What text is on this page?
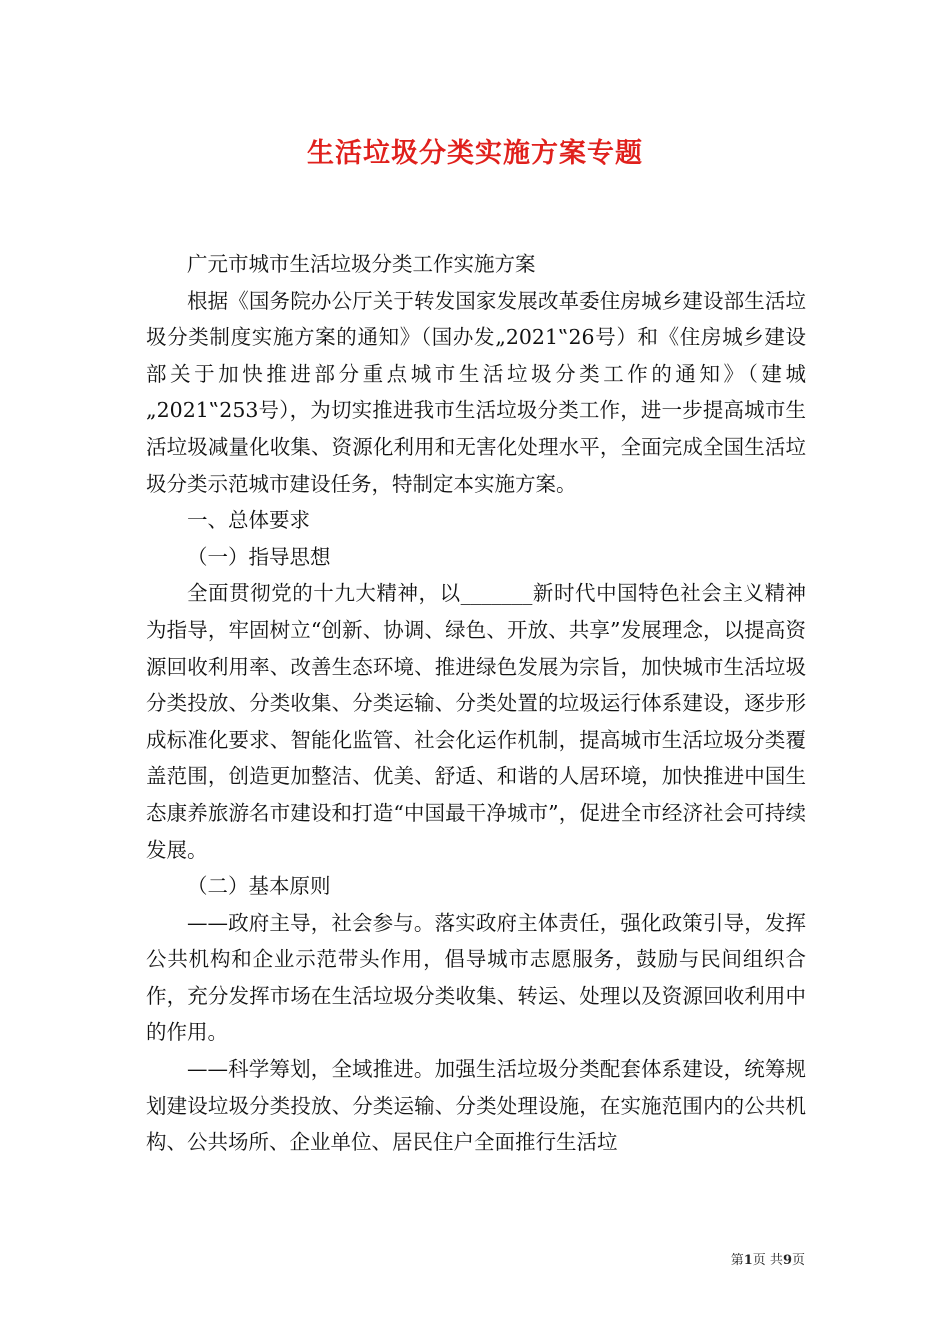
生活垃圾分类实施方案专题

广元市城市生活垃圾分类工作实施方案

根据《国务院办公厅关于转发国家发展改革委住房城乡建设部生活垃圾分类制度实施方案的通知》（国办发„2021‟26号）和《住房城乡建设部关于加快推进部分重点城市生活垃圾分类工作的通知》（建城„2021‟253号），为切实推进我市生活垃圾分类工作，进一步提高城市生活垃圾减量化收集、资源化利用和无害化处理水平，全面完成全国生活垃圾分类示范城市建设任务，特制定本实施方案。

一、总体要求

（一）指导思想

全面贯彻党的十九大精神，以_______新时代中国特色社会主义精神为指导，牢固树立“创新、协调、绿色、开放、共享”发展理念，以提高资源回收利用率、改善生态环境、推进绿色发展为宗旨，加快城市生活垃圾分类投放、分类收集、分类运输、分类处置的垃圾运行体系建设，逐步形成标准化要求、智能化监管、社会化运作机制，提高城市生活垃圾分类覆盖范围，创造更加整洁、优美、舒适、和谐的人居环境，加快推进中国生态康养旅游名市建设和打造“中国最干净城市”，促进全市经济社会可持续发展。

（二）基本原则

——政府主导，社会参与。落实政府主体责任，强化政策引导，发挥公共机构和企业示范带头作用，倡导城市志愿服务，鼓励与民间组织合作，充分发挥市场在生活垃圾分类收集、转运、处理以及资源回收利用中的作用。

——科学筹划，全域推进。加强生活垃圾分类配套体系建设，统筹规划建设垃圾分类投放、分类运输、分类处理设施，在实施范围内的公共机构、公共场所、企业单位、居民住户全面推行生活垃

第1页 共9页
